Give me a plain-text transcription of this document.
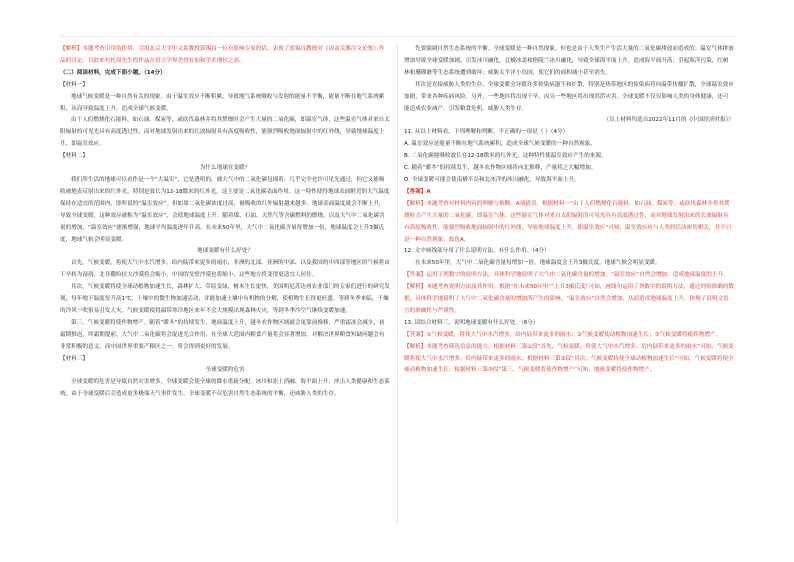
【解析】本题考查引用的作用。引用北京大学中文系教授郭锡良一位有影响专家的话，表现了郭锡良教授对《周南关雎注文论集》作品的肯定，以此来衬托周先生的作品在语言学界美誉有加和学术地位之高。

（二）阅读材料，完成下面小题。（14分）

【材料一】

地球气候变暖是一种自然有关的现象。由于温室效应不断积累，导致地气系统吸收与发射的能量不平衡，能量不断在地气系统累积，从而导致温度上升，造成全球气候变暖。

由于人们燃烧化石能料，如石油，煤炭等，或砍伐森林并将其焚烧时会产生大量的二氧化碳，即温室气体，这些温室气体对来自太阳辐射的可见光具有高度透过性，而对地球发射出来的长波辐射具有高度吸收性，能强烈吸收地面辐射中的红外线，导致地球温度上升，即温室效应。

【材料二】

为什么地球在变暖？

我们所生活的地球可以看作是一个“大温室”，它是透明的，被大气中的二氧化碳包围着，几乎完全允许可见光通过，但它又能吸收被地表反射出来的红外光，特别是波长为12-18微米的红外光，这主要是二氧化碳表面作用。这一特性使得地球表面附近的大气温度保持在适宜的范围内，即所说的“温室效应”。但如果二氧化碳浓度过高，被吸收的红外辐射越来越多，地球表面温度就会不断上升，导致全球变暖，这种效应被称为“温室效应”，会使地球温度上升。随着煤、石油、天然气等含碳燃料的燃烧，以及大气中二氧化碳含量的增加，“温室效应”逐渐增强，地球平均温度逐年升高。在未来50年里，大气中二氧化碳含量每增加一倍，地球温度会上升3摄氏度，地球气候会明显变暖。

地球变暖有什么好处？

首先，气候变暖，将使大气中水汽增多，给内陆带来更多的雨水，非洲的北部、亚洲的中部、以及我国的中西部等地区的气候将由干旱转为湿润，北非撒哈拉大沙漠将会缩小，中国的戈壁沙漠也将缩小，这些地方将变得更适宜人居住。

其次，气候变暖将使全球动植物加速生长，森林扩大、草原变绿，树木生长更快，美国明尼苏达州农业部门的专家们进行的研究发现，每年地下温度每升高1℃，土壤中的微生物加速活动，并能加速土壤中有机物的分解，使植物生长得更旺盛。等到冬季来临，干燥的冷风一吹很易引发大火，气候变暖使得温带寒冷地区来年不会大规模出现森林火灾，等到冬季冷空气继续变暖加速。

第三，气候变暖将使作物增产。随着“暖冬”的持续发生，地面温度上升，越冬农作物区域就会更靠前推移，严重霜冻会减少，初霜期推迟，终霜期提前，大气中二氧化碳将会促进光合作用，在全球大范围内粮食产量将会显著增加，对解决世界粮食短缺问题会有非常积极的意义，而中国世界重要产粮区之一，将会得到更好的发展。

【材料三】

全球变暖的危害

全球变暖的危害是导致自然灾害增多，全球变暖会使全球的降水重新分配、冰川和冻土消融、海平面上升，冲击人类健康和生态系统。由于全球变暖后会造成更多极端天气事件发生，全球变暖不仅危害自然生态系统的平衡，还威胁人类的生存。

先要强调自然生态系统的平衡。全球变暖是一种自然现象，但也是由于人类生产生活大量的二氧化碳排放而造成的。温室气体排放增加导致全球变暖加剧，引发冰川融化，北极冰盖和格陵兰冰川融化，导致全球海平面上升，造成海平面升高；引起海洋污染，红树林和珊瑚礁等生态系统遭到破坏；威胁太平洋小岛国，使它们的面积减小甚至消失。

其次是直接威胁人类的生存，全球变暖会导致许多传染病滋生和扩散，特别是热带地区的传染病将向温带传播扩散，全球温室效应加剧，带来各种疾病风险。另外，一些地区将出现干旱，而另一些地区将出现洪涝灾害。全球变暖不仅仅影响人类的身体健康，还可能造成农业减产，引发粮食危机，威胁人类生存。

（以上材料均选自2022年11月的《中国经济时报》）

11. 从以上材料看，下列理解和判断，不正确的一项是（ ）（4分）

A. 温室效应是能量不断在地气系统累积，造成全球气候变暖的一种自然现象。

B. 二氧化碳能吸收波长在12-18微米的红外光，这种特性使温室效应产生的来源。

C. 随着“暖冬”的持续发生，越冬农作物区域将向北推移，产量将之大幅增加。

D. 全球变暖可能会使南极半岛和北冰洋的冰川融化，导致海平面上升。

【答案】A

【解析】本题考查对材料内容的理解与推断。A项错误，根据材料一“由于人们燃烧化石能料，如石油，煤炭等，或砍伐森林并将其焚烧时会产生大量的二氧化碳，即温室气体，这些温室气体对来自太阳辐射的可见光具有高度透过性，而对地球发射出来的长波辐射具有高度吸收性，能强烈吸收地面辐射中的红外线，导致地球温度上升，即温室效应”可知，温室效应应与人类的活动密切相关，并不只是一种自然现象。故选A。

12. 文中画线部分用了什么说明方法，有什么作用。（4分）

在未来50年里，大气中二氧化碳含量每增加一倍，地球温度会上升3摄氏度，地球气候会明显变暖。

【答案】运用了列数字的说明方法，具体科学地说明了大气中二氧化碳含量的增加，“温室效应”自然会增加，造成地球温度的上升。

【解析】本题考查说明方法及其作用。根据“在未来50年里”“上升3摄氏度”可知，画线句运用了列数字的说明方法，通过列举准确的数据，具体科学地说明了大气中二氧化碳含量的增加所产生的影响，“温室效应”自然会增加，从而造成地球温度上升，体现了说明文语言的准确性与严谨性。

13. 请结合材料三，说明地球变暖有什么好处。（6分）

【答案】①气候变暖，将使大气中水汽增多，给内陆带来更多的雨水；②气候变暖使动植物加速生长；③气候变暖将使作物增产。

【解析】本题考查筛选信息的能力。根据材料三第①段“首先，气候变暖，将使大气中水汽增多，给内陆带来更多的雨水”可知，气候变暖将使大气中水汽增多，给内陆带来更多的雨水；根据材料三第②段“其次，气候变暖将使全球动植物加速生长”可知，气候变暖将使全球动植物加速生长；根据材料三第③段“第三，气候变暖将使作物增产”可知，地球变暖将使作物增产。
